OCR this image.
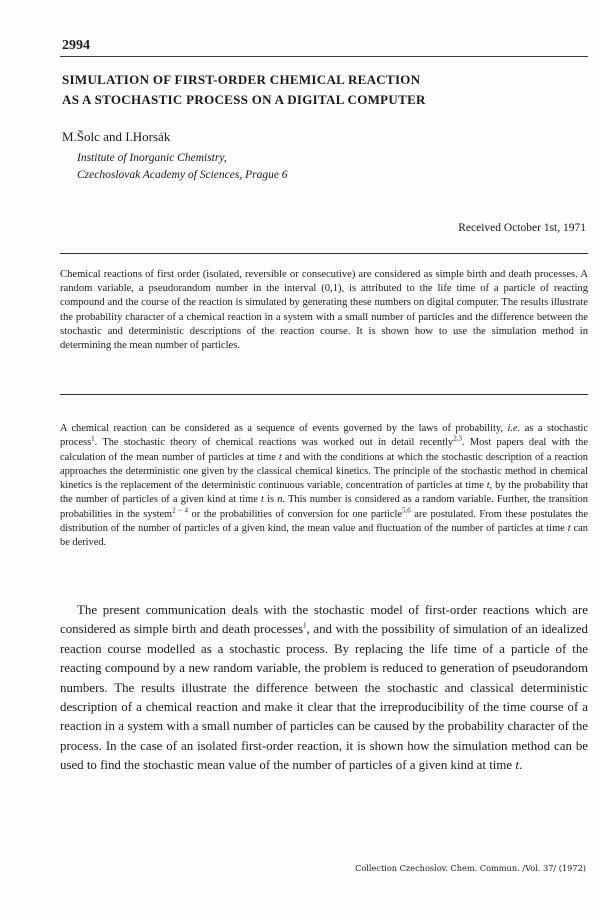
2994
SIMULATION OF FIRST-ORDER CHEMICAL REACTION
AS A STOCHASTIC PROCESS ON A DIGITAL COMPUTER
M.Šolc and I.Horsák
Institute of Inorganic Chemistry,
Czechoslovak Academy of Sciences, Prague 6
Received October 1st, 1971

Chemical reactions of first order (isolated, reversible or consecutive) are considered as simple birth and death processes. A random variable, a pseudorandom number in the interval (0,1), is attributed to the life time of a particle of reacting compound and the course of the reaction is simulated by generating these numbers on digital computer. The results illustrate the probability character of a chemical reaction in a system with a small number of particles and the difference between the stochastic and deterministic descriptions of the reaction course. It is shown how to use the simulation method in determining the mean number of particles.

A chemical reaction can be considered as a sequence of events governed by the laws of probability, i.e. as a stochastic process$^1$. The stochastic theory of chemical reactions was worked out in detail recently$^{2,3}$. Most papers deal with the calculation of the mean number of particles at time t and with the conditions at which the stochastic description of a reaction approaches the deterministic one given by the classical chemical kinetics. The principle of the stochastic method in chemical kinetics is the replacement of the deterministic continuous variable, concentration of particles at time t, by the probability that the number of particles of a given kind at time t is n. This number is considered as a random variable. Further, the transition probabilities in the system$^{2 - 4}$ or the probabilities of conversion for one particle$^{5,6}$ are postulated. From these postulates the distribution of the number of particles of a given kind, the mean value and fluctuation of the number of particles at time t can be derived.

The present communication deals with the stochastic model of first-order reactions which are considered as simple birth and death processes$^1$, and with the possibility of simulation of an idealized reaction course modelled as a stochastic process. By replacing the life time of a particle of the reacting compound by a new random variable, the problem is reduced to generation of pseudorandom numbers. The results illustrate the difference between the stochastic and classical deterministic description of a chemical reaction and make it clear that the irreproducibility of the time course of a reaction in a system with a small number of particles can be caused by the probability character of the process. In the case of an isolated first-order reaction, it is shown how the simulation method can be used to find the stochastic mean value of the number of particles of a given kind at time t.

Collection Czechoslov. Chem. Commun. /Vol. 37/ (1972)
